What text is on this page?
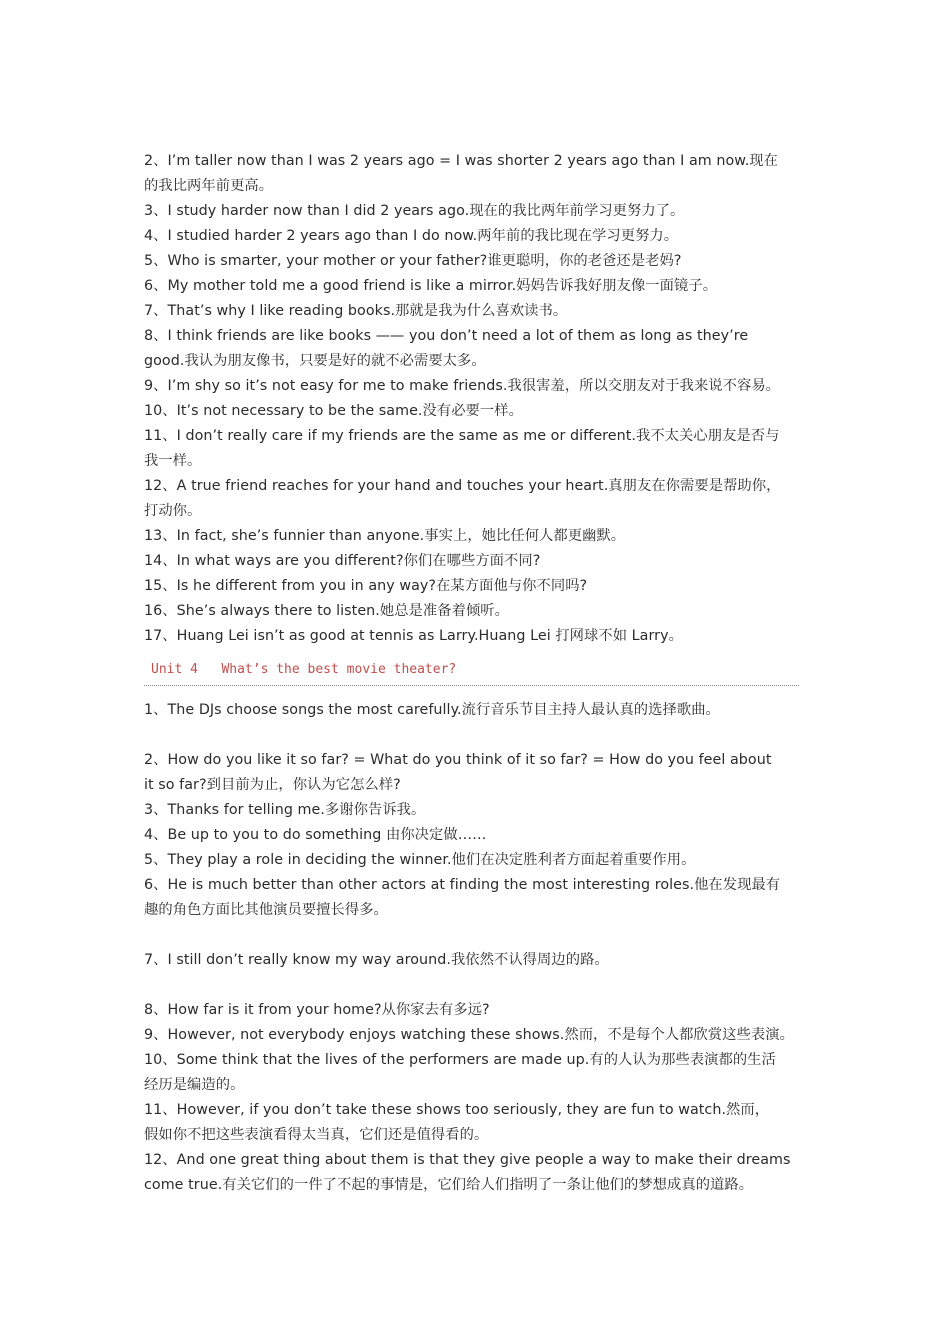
2、I’m taller now than I was 2 years ago = I was shorter 2 years ago than I am now.现在
的我比两年前更高。
3、I study harder now than I did 2 years ago.现在的我比两年前学习更努力了。
4、I studied harder 2 years ago than I do now.两年前的我比现在学习更努力。
5、Who is smarter, your mother or your father?谁更聪明，你的老爸还是老妈?
6、My mother told me a good friend is like a mirror.妈妈告诉我好朋友像一面镜子。
7、That’s why I like reading books.那就是我为什么喜欢读书。
8、I think friends are like books —— you don’t need a lot of them as long as they’re
good.我认为朋友像书，只要是好的就不必需要太多。
9、I’m shy so it’s not easy for me to make friends.我很害羞，所以交朋友对于我来说不容易。
10、It’s not necessary to be the same.没有必要一样。
11、I don’t really care if my friends are the same as me or different.我不太关心朋友是否与
我一样。
12、A true friend reaches for your hand and touches your heart.真朋友在你需要是帮助你，
打动你。
13、In fact, she’s funnier than anyone.事实上，她比任何人都更幽默。
14、In what ways are you different?你们在哪些方面不同?
15、Is he different from you in any way?在某方面他与你不同吗?
16、She’s always there to listen.她总是准备着倾听。
17、Huang Lei isn’t as good at tennis as Larry.Huang Lei 打网球不如 Larry。
Unit 4   What’s the best movie theater?
1、The DJs choose songs the most carefully.流行音乐节目主持人最认真的选择歌曲。
2、How do you like it so far? = What do you think of it so far? = How do you feel about
it so far?到目前为止，你认为它怎么样?
3、Thanks for telling me.多谢你告诉我。
4、Be up to you to do something 由你决定做……
5、They play a role in deciding the winner.他们在决定胜利者方面起着重要作用。
6、He is much better than other actors at finding the most interesting roles.他在发现最有
趣的角色方面比其他演员要擅长得多。
7、I still don’t really know my way around.我依然不认得周边的路。
8、How far is it from your home?从你家去有多远?
9、However, not everybody enjoys watching these shows.然而，不是每个人都欣赏这些表演。
10、Some think that the lives of the performers are made up.有的人认为那些表演都的生活
经历是编造的。
11、However, if you don’t take these shows too seriously, they are fun to watch.然而，
假如你不把这些表演看得太当真，它们还是值得看的。
12、And one great thing about them is that they give people a way to make their dreams
come true.有关它们的一件了不起的事情是，它们给人们指明了一条让他们的梦想成真的道路。
